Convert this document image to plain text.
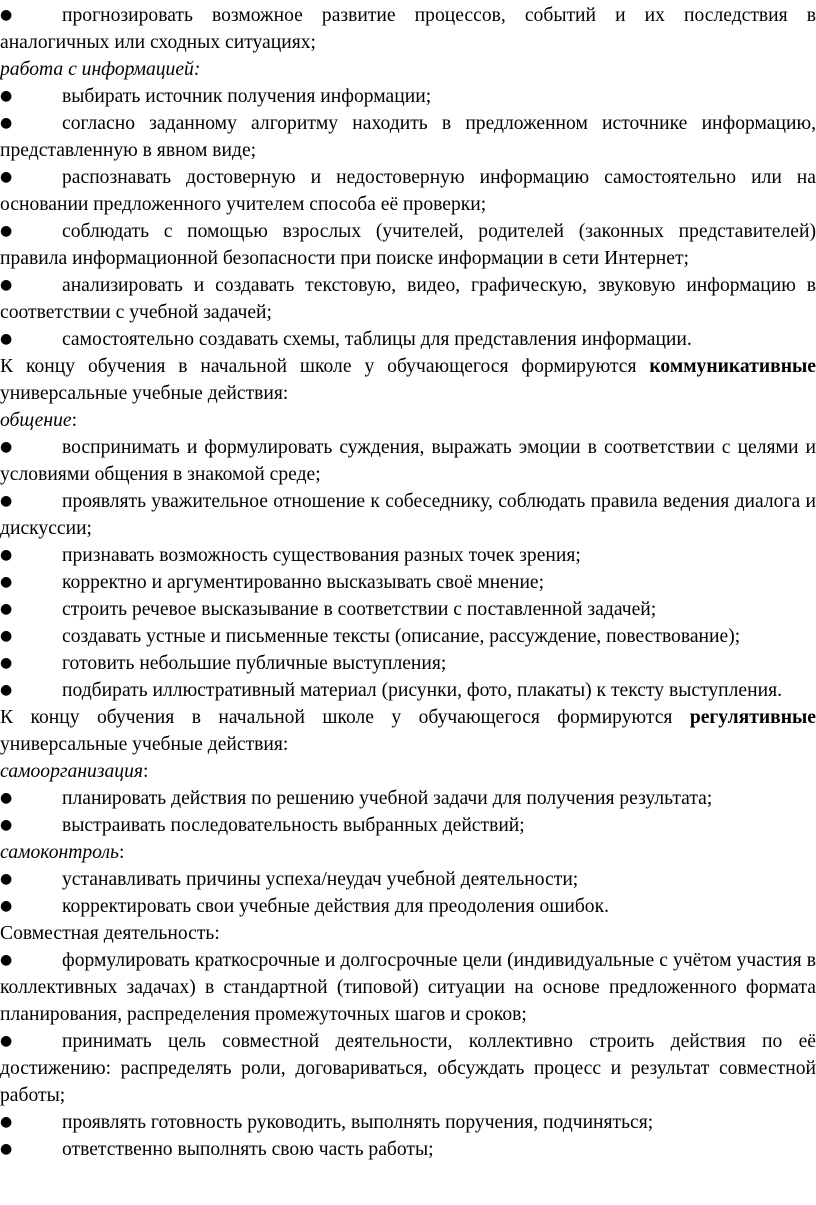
●	прогнозировать возможное развитие процессов, событий и их последствия в аналогичных или сходных ситуациях;
работа с информацией:
●	выбирать источник получения информации;
●	согласно заданному алгоритму находить в предложенном источнике информацию, представленную в явном виде;
●	распознавать достоверную и недостоверную информацию самостоятельно или на основании предложенного учителем способа её проверки;
●	соблюдать с помощью взрослых (учителей, родителей (законных представителей) правила информационной безопасности при поиске информации в сети Интернет;
●	анализировать и создавать текстовую, видео, графическую, звуковую информацию в соответствии с учебной задачей;
●	самостоятельно создавать схемы, таблицы для представления информации.
К концу обучения в начальной школе у обучающегося формируются коммуникативные универсальные учебные действия:
общение:
●	воспринимать и формулировать суждения, выражать эмоции в соответствии с целями и условиями общения в знакомой среде;
●	проявлять уважительное отношение к собеседнику, соблюдать правила ведения диалога и дискуссии;
●	признавать возможность существования разных точек зрения;
●	корректно и аргументированно высказывать своё мнение;
●	строить речевое высказывание в соответствии с поставленной задачей;
●	создавать устные и письменные тексты (описание, рассуждение, повествование);
●	готовить небольшие публичные выступления;
●	подбирать иллюстративный материал (рисунки, фото, плакаты) к тексту выступления.
К концу обучения в начальной школе у обучающегося формируются регулятивные универсальные учебные действия:
самоорганизация:
●	планировать действия по решению учебной задачи для получения результата;
●	выстраивать последовательность выбранных действий;
самоконтроль:
●	устанавливать причины успеха/неудач учебной деятельности;
●	корректировать свои учебные действия для преодоления ошибок.
Совместная деятельность:
●	формулировать краткосрочные и долгосрочные цели (индивидуальные с учётом участия в коллективных задачах) в стандартной (типовой) ситуации на основе предложенного формата планирования, распределения промежуточных шагов и сроков;
●	принимать цель совместной деятельности, коллективно строить действия по её достижению: распределять роли, договариваться, обсуждать процесс и результат совместной работы;
●	проявлять готовность руководить, выполнять поручения, подчиняться;
●	ответственно выполнять свою часть работы;
